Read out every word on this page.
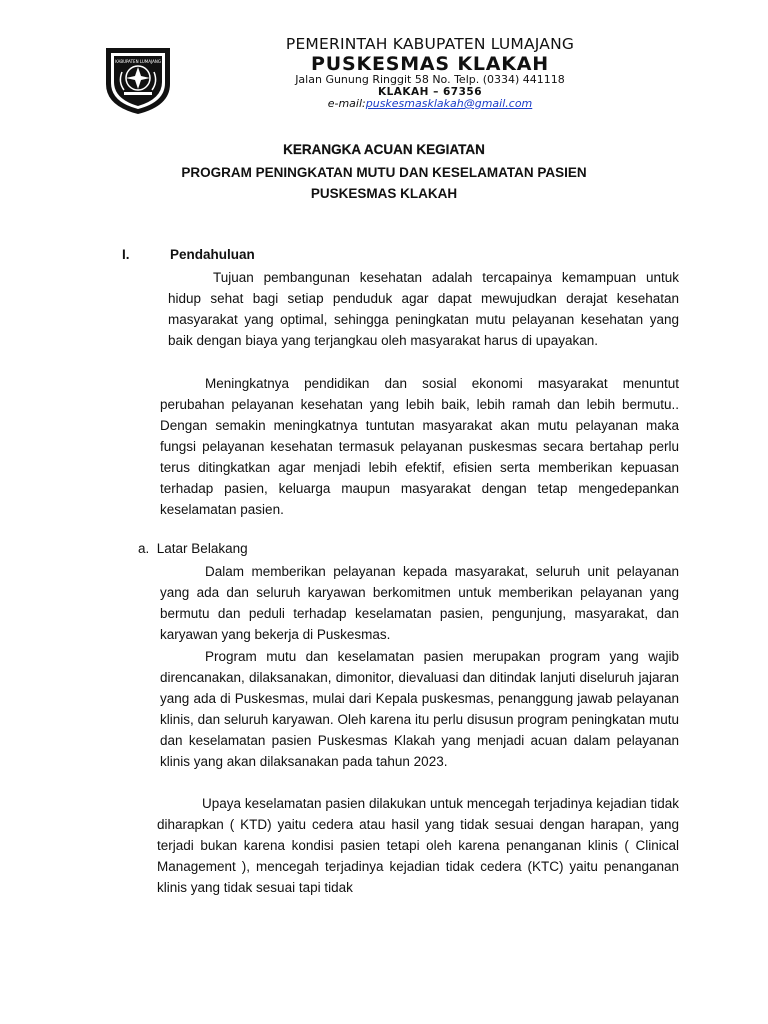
KABUPATEN LUMAJANG
PEMERINTAH KABUPATEN LUMAJANG
PUSKESMAS KLAKAH
Jalan Gunung Ringgit 58 No. Telp. (0334) 441118
KLAKAH – 67356
e-mail:puskesmasklakah@gmail.com
KERANGKA ACUAN KEGIATAN
PROGRAM PENINGKATAN MUTU DAN KESELAMATAN PASIEN
PUSKESMAS KLAKAH
I.	Pendahuluan
Tujuan pembangunan kesehatan adalah tercapainya kemampuan untuk hidup sehat bagi setiap penduduk agar dapat mewujudkan derajat kesehatan masyarakat yang optimal, sehingga peningkatan mutu pelayanan kesehatan yang baik dengan biaya yang terjangkau oleh masyarakat harus di upayakan.
Meningkatnya pendidikan dan sosial ekonomi masyarakat menuntut perubahan pelayanan kesehatan yang lebih baik, lebih ramah dan lebih bermutu.. Dengan semakin meningkatnya tuntutan masyarakat akan mutu pelayanan maka fungsi pelayanan kesehatan termasuk pelayanan puskesmas secara bertahap perlu terus ditingkatkan agar menjadi lebih efektif, efisien serta memberikan kepuasan terhadap pasien, keluarga maupun masyarakat dengan tetap mengedepankan keselamatan pasien.
a. Latar Belakang
Dalam memberikan pelayanan kepada masyarakat, seluruh unit pelayanan yang ada dan seluruh karyawan berkomitmen untuk memberikan pelayanan yang bermutu dan peduli terhadap keselamatan pasien, pengunjung, masyarakat, dan karyawan yang bekerja di Puskesmas.
Program mutu dan keselamatan pasien merupakan program yang wajib direncanakan, dilaksanakan, dimonitor, dievaluasi dan ditindak lanjuti diseluruh jajaran yang ada di Puskesmas, mulai dari Kepala puskesmas, penanggung jawab pelayanan klinis, dan seluruh karyawan. Oleh karena itu perlu disusun program peningkatan mutu dan keselamatan pasien Puskesmas Klakah yang menjadi acuan dalam pelayanan klinis yang akan dilaksanakan pada tahun 2023.
Upaya keselamatan pasien dilakukan untuk mencegah terjadinya kejadian tidak diharapkan ( KTD) yaitu cedera atau hasil yang tidak sesuai dengan harapan, yang terjadi bukan karena kondisi pasien tetapi oleh karena penanganan klinis ( Clinical Management ), mencegah terjadinya kejadian tidak cedera (KTC) yaitu penanganan klinis yang tidak sesuai tapi tidak
